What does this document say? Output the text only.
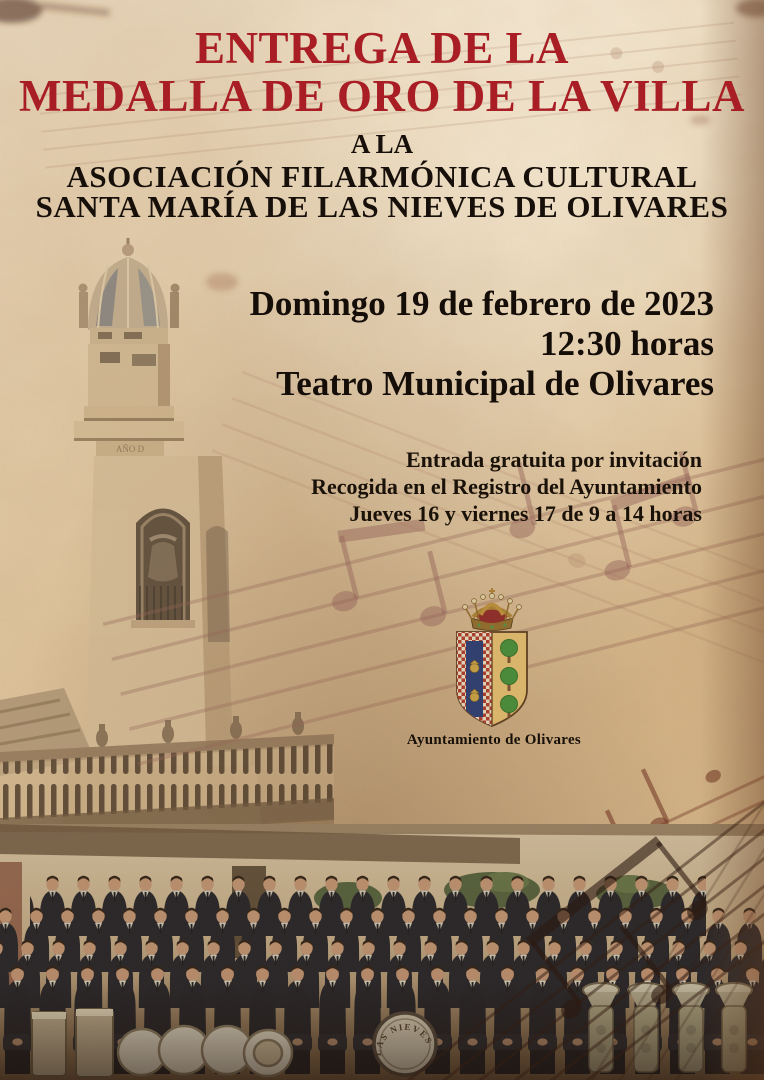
AÑO D
ENTREGA DE LA
MEDALLA DE ORO DE LA VILLA
A LA
ASOCIACIÓN FILARMÓNICA CULTURAL
SANTA MARÍA DE LAS NIEVES DE OLIVARES
Domingo 19 de febrero de 2023
12:30 horas
Teatro Municipal de Olivares
Entrada gratuita por invitación
Recogida en el Registro del Ayuntamiento
Jueves 16 y viernes 17 de 9 a 14 horas
Ayuntamiento de Olivares
